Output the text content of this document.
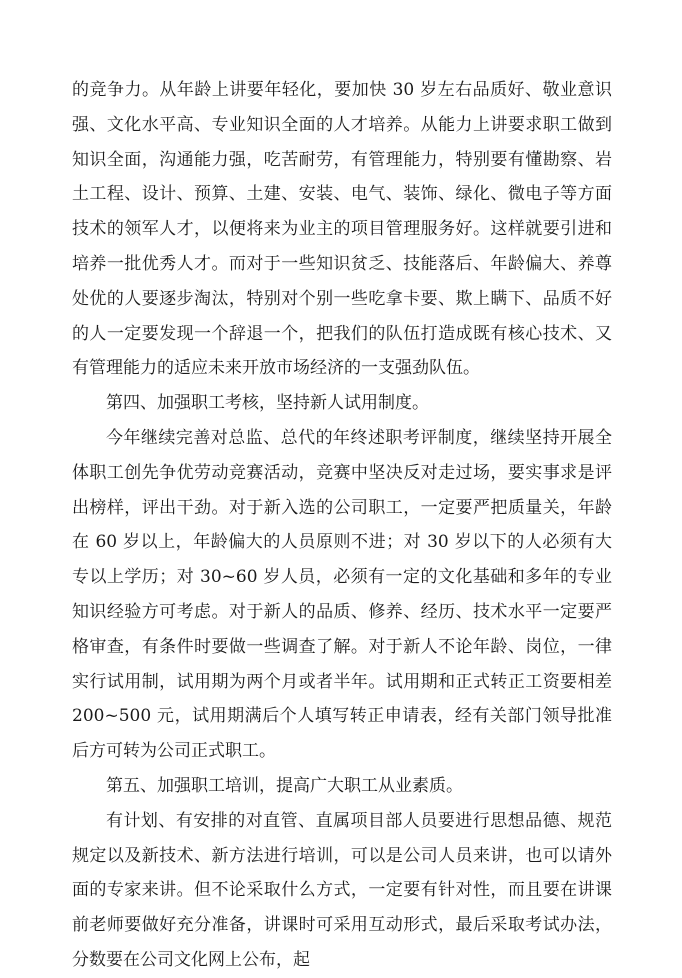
的竞争力。从年龄上讲要年轻化，要加快 30 岁左右品质好、敬业意识强、文化水平高、专业知识全面的人才培养。从能力上讲要求职工做到知识全面，沟通能力强，吃苦耐劳，有管理能力，特别要有懂勘察、岩土工程、设计、预算、土建、安装、电气、装饰、绿化、微电子等方面技术的领军人才，以便将来为业主的项目管理服务好。这样就要引进和培养一批优秀人才。而对于一些知识贫乏、技能落后、年龄偏大、养尊处优的人要逐步淘汰，特别对个别一些吃拿卡要、欺上瞒下、品质不好的人一定要发现一个辞退一个，把我们的队伍打造成既有核心技术、又有管理能力的适应未来开放市场经济的一支强劲队伍。

第四、加强职工考核，坚持新人试用制度。

今年继续完善对总监、总代的年终述职考评制度，继续坚持开展全体职工创先争优劳动竞赛活动，竞赛中坚决反对走过场，要实事求是评出榜样，评出干劲。对于新入选的公司职工，一定要严把质量关，年龄在 60 岁以上，年龄偏大的人员原则不进；对 30 岁以下的人必须有大专以上学历；对 30~60 岁人员，必须有一定的文化基础和多年的专业知识经验方可考虑。对于新人的品质、修养、经历、技术水平一定要严格审查，有条件时要做一些调查了解。对于新人不论年龄、岗位，一律实行试用制，试用期为两个月或者半年。试用期和正式转正工资要相差 200~500 元，试用期满后个人填写转正申请表，经有关部门领导批准后方可转为公司正式职工。

第五、加强职工培训，提高广大职工从业素质。

有计划、有安排的对直管、直属项目部人员要进行思想品德、规范规定以及新技术、新方法进行培训，可以是公司人员来讲，也可以请外面的专家来讲。但不论采取什么方式，一定要有针对性，而且要在讲课前老师要做好充分准备，讲课时可采用互动形式，最后采取考试办法，分数要在公司文化网上公布，起
